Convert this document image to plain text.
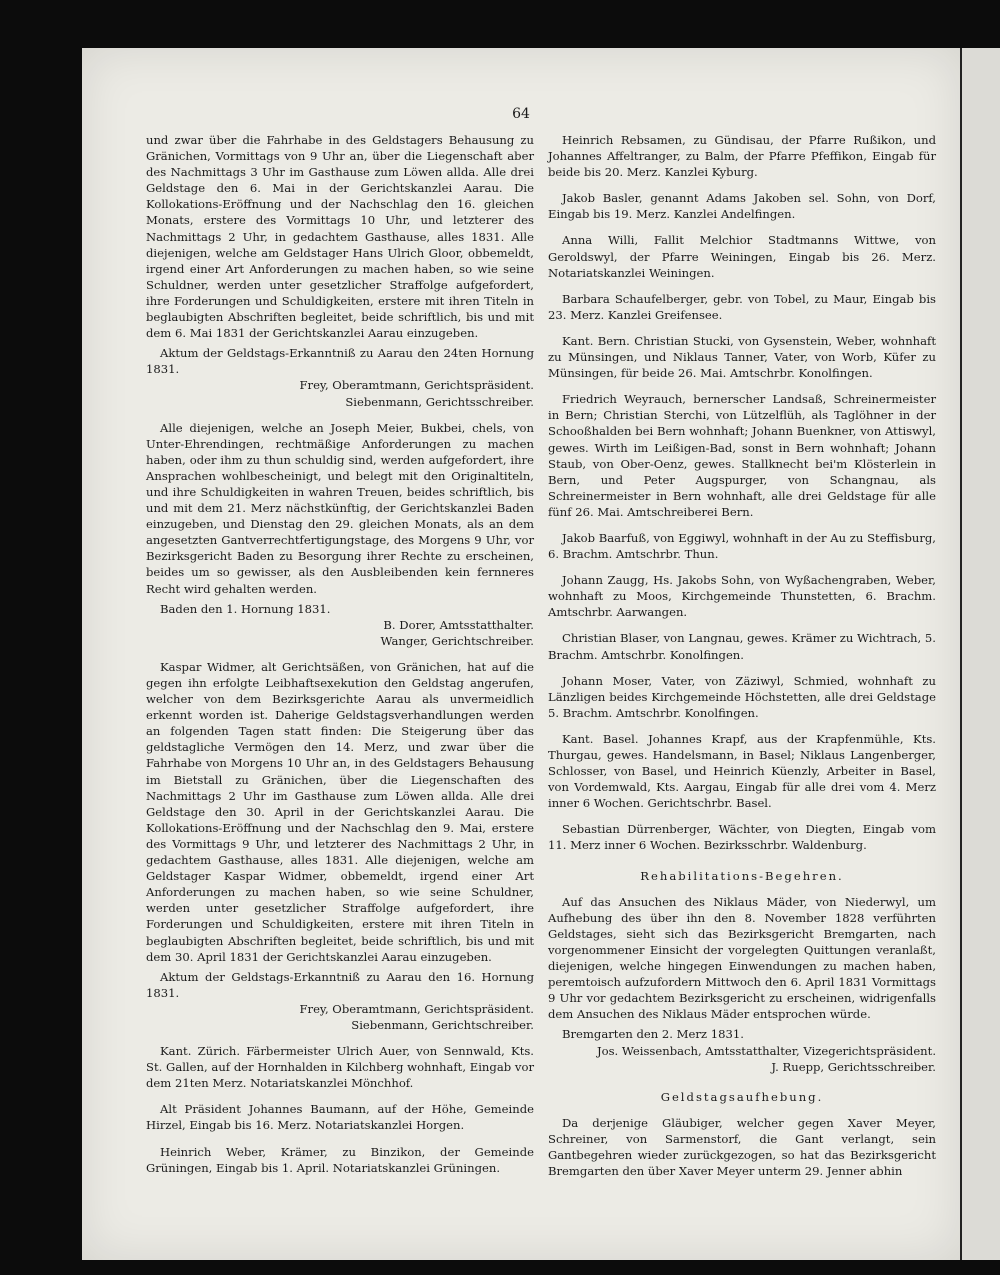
64

und zwar über die Fahrhabe in des Geldstagers Behausung zu Gränichen, Vormittags von 9 Uhr an, über die Liegenschaft aber des Nachmittags 3 Uhr im Gasthause zum Löwen allda. Alle drei Geldstage den 6. Mai in der Gerichtskanzlei Aarau. Die Kollokations-Eröffnung und der Nachschlag den 16. gleichen Monats, erstere des Vormittags 10 Uhr, und letzterer des Nachmittags 2 Uhr, in gedachtem Gasthause, alles 1831. Alle diejenigen, welche am Geldstager Hans Ulrich Gloor, obbemeldt, irgend einer Art Anforderungen zu machen haben, so wie seine Schuldner, werden unter gesetzlicher Straffolge aufgefordert, ihre Forderungen und Schuldigkeiten, erstere mit ihren Titeln in beglaubigten Abschriften begleitet, beide schriftlich, bis und mit dem 6. Mai 1831 der Gerichtskanzlei Aarau einzugeben.

Aktum der Geldstags-Erkanntniß zu Aarau den 24ten Hornung 1831.

Frey, Oberamtmann, Gerichtspräsident.

Siebenmann, Gerichtsschreiber.

Alle diejenigen, welche an Joseph Meier, Bukbei, chels, von Unter-Ehrendingen, rechtmäßige Anforderungen zu machen haben, oder ihm zu thun schuldig sind, werden aufgefordert, ihre Ansprachen wohlbescheinigt, und belegt mit den Originaltiteln, und ihre Schuldigkeiten in wahren Treuen, beides schriftlich, bis und mit dem 21. Merz nächstkünftig, der Gerichtskanzlei Baden einzugeben, und Dienstag den 29. gleichen Monats, als an dem angesetzten Gantverrechtfertigungstage, des Morgens 9 Uhr, vor Bezirksgericht Baden zu Besorgung ihrer Rechte zu erscheinen, beides um so gewisser, als den Ausbleibenden kein fernneres Recht wird gehalten werden.

Baden den 1. Hornung 1831.

B. Dorer, Amtsstatthalter.

Wanger, Gerichtschreiber.

Kaspar Widmer, alt Gerichtsäßen, von Gränichen, hat auf die gegen ihn erfolgte Leibhaftsexekution den Geldstag angerufen, welcher von dem Bezirksgerichte Aarau als unvermeidlich erkennt worden ist. Daherige Geldstagsverhandlungen werden an folgenden Tagen statt finden: Die Steigerung über das geldstagliche Vermögen den 14. Merz, und zwar über die Fahrhabe von Morgens 10 Uhr an, in des Geldstagers Behausung im Bietstall zu Gränichen, über die Liegenschaften des Nachmittags 2 Uhr im Gasthause zum Löwen allda. Alle drei Geldstage den 30. April in der Gerichtskanzlei Aarau. Die Kollokations-Eröffnung und der Nachschlag den 9. Mai, erstere des Vormittags 9 Uhr, und letzterer des Nachmittags 2 Uhr, in gedachtem Gasthause, alles 1831. Alle diejenigen, welche am Geldstager Kaspar Widmer, obbemeldt, irgend einer Art Anforderungen zu machen haben, so wie seine Schuldner, werden unter gesetzlicher Straffolge aufgefordert, ihre Forderungen und Schuldigkeiten, erstere mit ihren Titeln in beglaubigten Abschriften begleitet, beide schriftlich, bis und mit dem 30. April 1831 der Gerichtskanzlei Aarau einzugeben.

Aktum der Geldstags-Erkanntniß zu Aarau den 16. Hornung 1831.

Frey, Oberamtmann, Gerichtspräsident.

Siebenmann, Gerichtschreiber.

Kant. Zürich. Färbermeister Ulrich Auer, von Sennwald, Kts. St. Gallen, auf der Hornhalden in Kilchberg wohnhaft, Eingab vor dem 21ten Merz. Notariatskanzlei Mönchhof.

Alt Präsident Johannes Baumann, auf der Höhe, Gemeinde Hirzel, Eingab bis 16. Merz. Notariatskanzlei Horgen.

Heinrich Weber, Krämer, zu Binzikon, der Gemeinde Grüningen, Eingab bis 1. April. Notariatskanzlei Grüningen.

Heinrich Rebsamen, zu Gündisau, der Pfarre Rußikon, und Johannes Affeltranger, zu Balm, der Pfarre Pfeffikon, Eingab für beide bis 20. Merz. Kanzlei Kyburg.

Jakob Basler, genannt Adams Jakoben sel. Sohn, von Dorf, Eingab bis 19. Merz. Kanzlei Andelfingen.

Anna Willi, Fallit Melchior Stadtmanns Wittwe, von Geroldswyl, der Pfarre Weiningen, Eingab bis 26. Merz. Notariatskanzlei Weiningen.

Barbara Schaufelberger, gebr. von Tobel, zu Maur, Eingab bis 23. Merz. Kanzlei Greifensee.

Kant. Bern. Christian Stucki, von Gysenstein, Weber, wohnhaft zu Münsingen, und Niklaus Tanner, Vater, von Worb, Küfer zu Münsingen, für beide 26. Mai. Amtschrbr. Konolfingen.

Friedrich Weyrauch, bernerscher Landsaß, Schreinermeister in Bern; Christian Sterchi, von Lützelflüh, als Taglöhner in der Schooßhalden bei Bern wohnhaft; Johann Buenkner, von Attiswyl, gewes. Wirth im Leißigen-Bad, sonst in Bern wohnhaft; Johann Staub, von Ober-Oenz, gewes. Stallknecht bei'm Klösterlein in Bern, und Peter Augspurger, von Schangnau, als Schreinermeister in Bern wohnhaft, alle drei Geldstage für alle fünf 26. Mai. Amtschreiberei Bern.

Jakob Baarfuß, von Eggiwyl, wohnhaft in der Au zu Steffisburg, 6. Brachm. Amtschrbr. Thun.

Johann Zaugg, Hs. Jakobs Sohn, von Wyßachengraben, Weber, wohnhaft zu Moos, Kirchgemeinde Thunstetten, 6. Brachm. Amtschrbr. Aarwangen.

Christian Blaser, von Langnau, gewes. Krämer zu Wichtrach, 5. Brachm. Amtschrbr. Konolfingen.

Johann Moser, Vater, von Zäziwyl, Schmied, wohnhaft zu Länzligen beides Kirchgemeinde Höchstetten, alle drei Geldstage 5. Brachm. Amtschrbr. Konolfingen.

Kant. Basel. Johannes Krapf, aus der Krapfenmühle, Kts. Thurgau, gewes. Handelsmann, in Basel; Niklaus Langenberger, Schlosser, von Basel, und Heinrich Küenzly, Arbeiter in Basel, von Vordemwald, Kts. Aargau, Eingab für alle drei vom 4. Merz inner 6 Wochen. Gerichtschrbr. Basel.

Sebastian Dürrenberger, Wächter, von Diegten, Eingab vom 11. Merz inner 6 Wochen. Bezirksschrbr. Waldenburg.

Rehabilitations-Begehren.

Auf das Ansuchen des Niklaus Mäder, von Niederwyl, um Aufhebung des über ihn den 8. November 1828 verführten Geldstages, sieht sich das Bezirksgericht Bremgarten, nach vorgenommener Einsicht der vorgelegten Quittungen veranlaßt, diejenigen, welche hingegen Einwendungen zu machen haben, peremtoisch aufzufordern Mittwoch den 6. April 1831 Vormittags 9 Uhr vor gedachtem Bezirksgericht zu erscheinen, widrigenfalls dem Ansuchen des Niklaus Mäder entsprochen würde.

Bremgarten den 2. Merz 1831.

Jos. Weissenbach, Amtsstatthalter, Vizegerichtspräsident.

J. Ruepp, Gerichtsschreiber.

Geldstagsaufhebung.

Da derjenige Gläubiger, welcher gegen Xaver Meyer, Schreiner, von Sarmenstorf, die Gant verlangt, sein Gantbegehren wieder zurückgezogen, so hat das Bezirksgericht Bremgarten den über Xaver Meyer unterm 29. Jenner abhin
